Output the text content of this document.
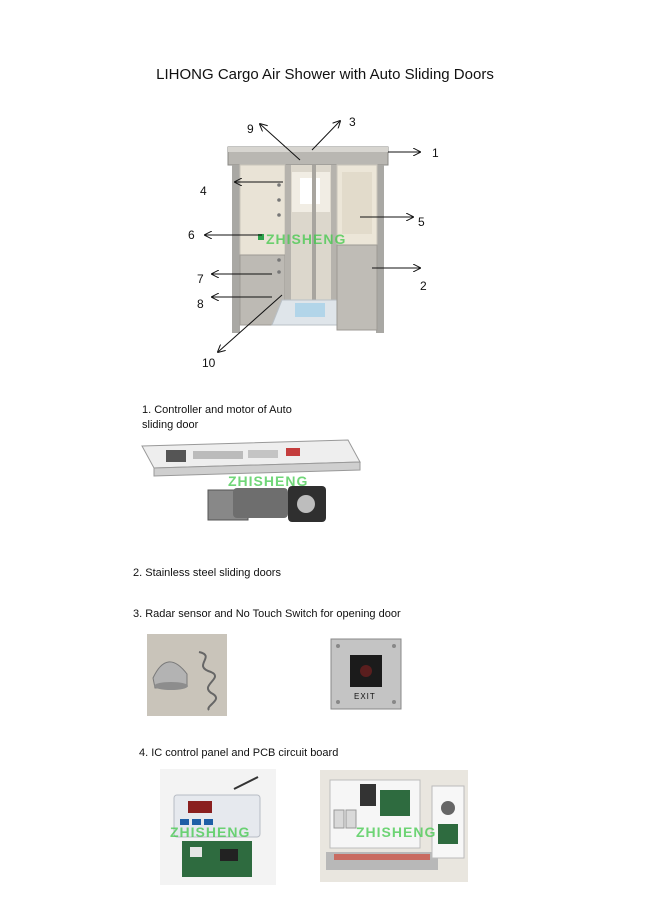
LIHONG Cargo Air Shower with Auto Sliding Doors
1
2
3
4
5
6
7
8
9
10
ZHISHENG
1. Controller and motor of Auto
sliding door
ZHISHENG
2. Stainless steel sliding doors
3. Radar sensor and No Touch Switch for opening door
EXIT
4. IC control panel and PCB circuit board
ZHISHENG	ZHISHENG
